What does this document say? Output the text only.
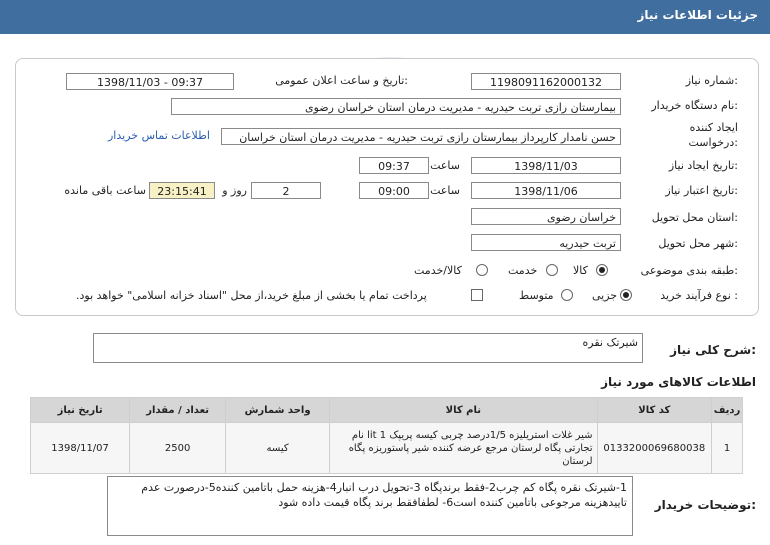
جزئیات اطلاعات نیاز
شماره نیاز:
1198091162000132
تاریخ و ساعت اعلان عمومی:
1398/11/03 - 09:37
نام دستگاه خریدار:
بیمارستان رازی تربت حیدریه - مدیریت درمان استان خراسان رضوی
ایجاد کننده
درخواست:
حسن نامدار کارپرداز بیمارستان رازی تربت حیدریه - مدیریت درمان استان خراسان
اطلاعات تماس خریدار
تاریخ ایجاد نیاز:
1398/11/03
ساعت
09:37
تاریخ اعتبار نیاز:
1398/11/06
ساعت
09:00
2
روز و
23:15:41
ساعت باقی مانده
استان محل تحویل:
خراسان رضوی
شهر محل تحویل:
تربت حیدریه
طبقه بندی موضوعی:
کالا
خدمت
کالا/خدمت
نوع فرآیند خرید :
جزیی
متوسط
پرداخت تمام یا بخشی از مبلغ خرید،از محل "اسناد خزانه اسلامی" خواهد بود.
شرح کلی نیاز:
شیرتک نقره
اطلاعات کالاهای مورد نیاز
ردیف	کد کالا	نام کالا	واحد شمارش	تعداد / مقدار	تاریخ نیاز
1	0133200069680038	شیر غلات استریلیزه 1/5درصد چربی کیسه پریپک 1 lit نام تجارتی پگاه لرستان مرجع عرضه کننده شیر پاستوریزه پگاه لرستان	کیسه	2500	1398/11/07
توضیحات خریدار:
1-شیرتک نقره پگاه کم چرب2-فقط برندپگاه 3-تحویل درب انبار4-هزینه حمل باتامین کننده5-درصورت عدم تاییدهزینه مرجوعی باتامین کننده است6- لطفافقط برند پگاه قیمت داده شود
